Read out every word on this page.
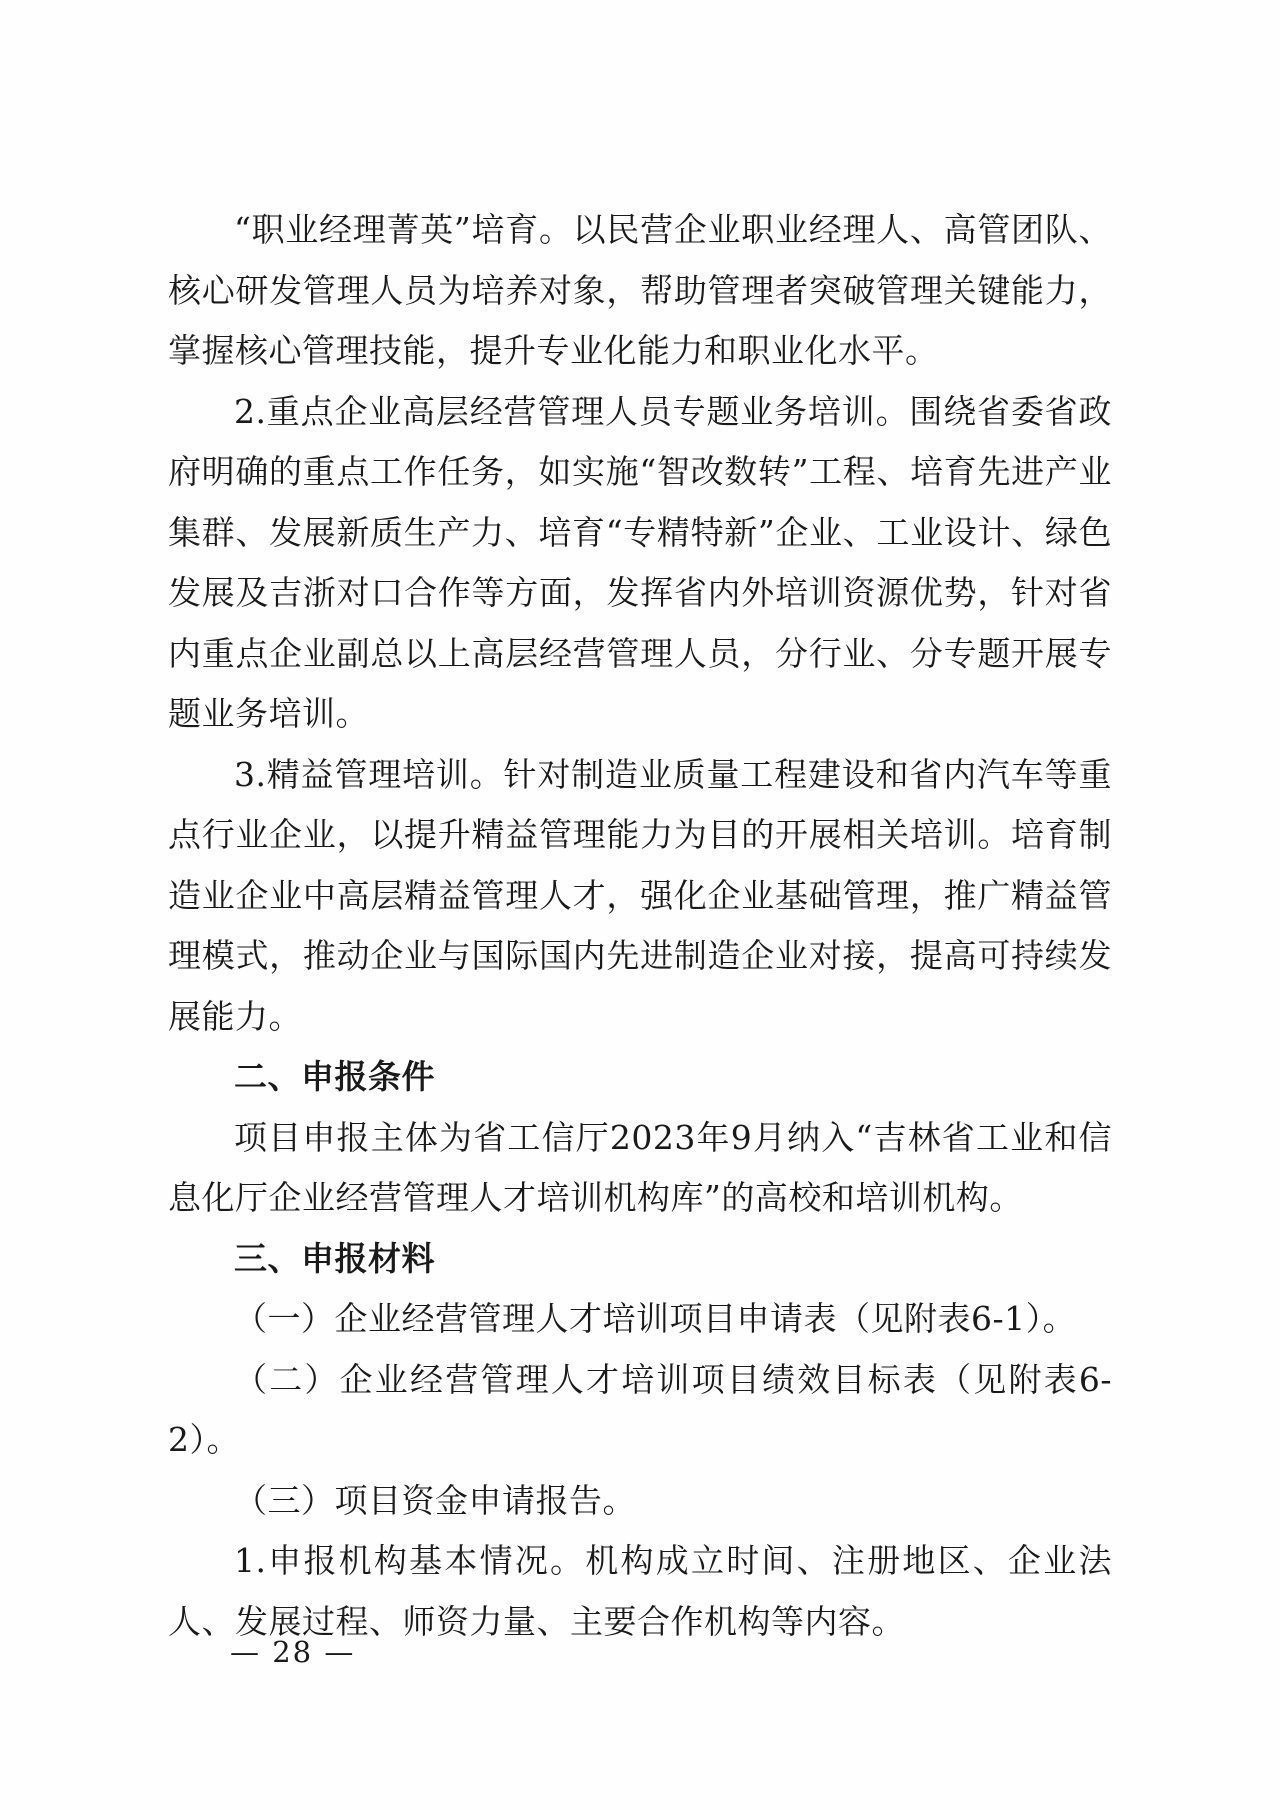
“职业经理菁英”培育。以民营企业职业经理人、高管团队、核心研发管理人员为培养对象，帮助管理者突破管理关键能力，掌握核心管理技能，提升专业化能力和职业化水平。

2.重点企业高层经营管理人员专题业务培训。围绕省委省政府明确的重点工作任务，如实施“智改数转”工程、培育先进产业集群、发展新质生产力、培育“专精特新”企业、工业设计、绿色发展及吉浙对口合作等方面，发挥省内外培训资源优势，针对省内重点企业副总以上高层经营管理人员，分行业、分专题开展专题业务培训。

3.精益管理培训。针对制造业质量工程建设和省内汽车等重点行业企业，以提升精益管理能力为目的开展相关培训。培育制造业企业中高层精益管理人才，强化企业基础管理，推广精益管理模式，推动企业与国际国内先进制造企业对接，提高可持续发展能力。

二、申报条件

项目申报主体为省工信厅2023年9月纳入“吉林省工业和信息化厅企业经营管理人才培训机构库”的高校和培训机构。

三、申报材料

（一）企业经营管理人才培训项目申请表（见附表6-1）。

（二）企业经营管理人才培训项目绩效目标表（见附表6-2）。

（三）项目资金申请报告。

1.申报机构基本情况。机构成立时间、注册地区、企业法人、发展过程、师资力量、主要合作机构等内容。

— 28 —
